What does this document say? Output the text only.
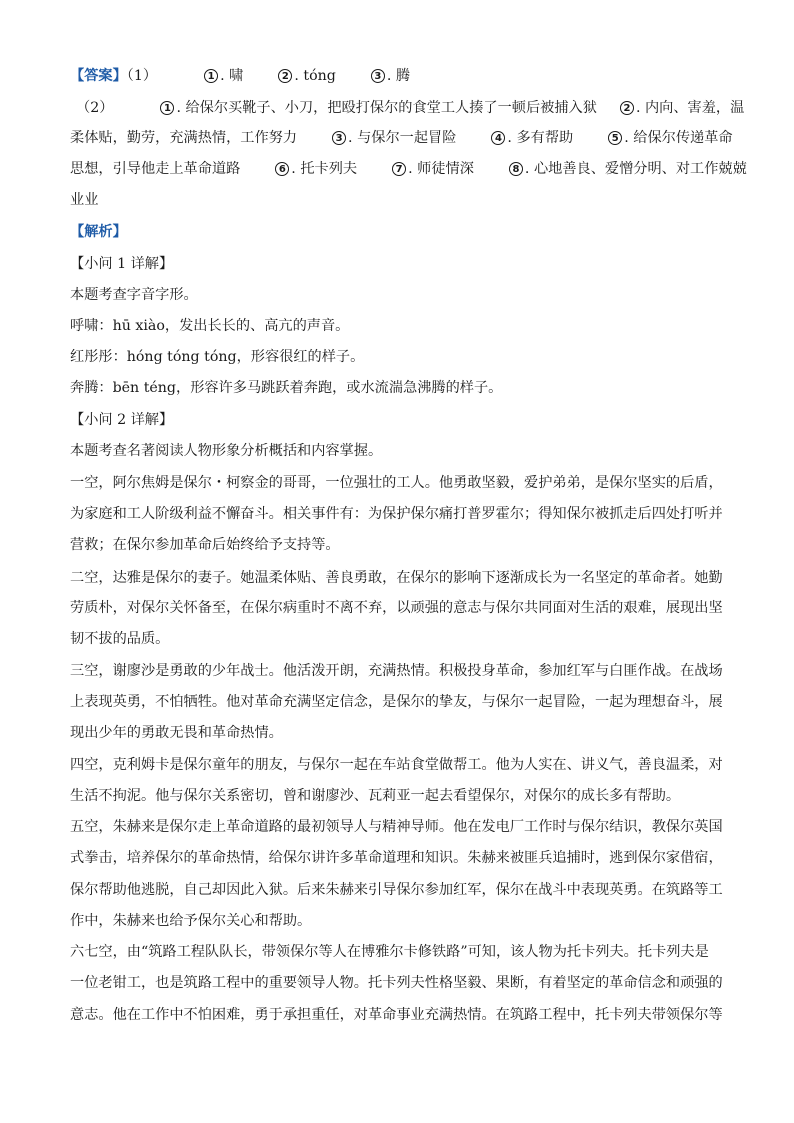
【答案】（1）	1 . 啸	2 . tóng	3 . 腾
（2）	1 . 给保尔买靴子、小刀，把殴打保尔的食堂工人揍了一顿后被捕入狱	2 . 内向、害羞，温
柔体贴，勤劳，充满热情，工作努力	3 . 与保尔一起冒险	4 . 多有帮助	5 . 给保尔传递革命
思想，引导他走上革命道路	6 . 托卡列夫	7 . 师徒情深	8 . 心地善良、爱憎分明、对工作兢兢
业业
【解析】
【小问 1 详解】
本题考查字音字形。
呼啸：hū xiào，发出长长的、高亢的声音。
红彤彤：hóng tóng tóng，形容很红的样子。
奔腾：bēn téng，形容许多马跳跃着奔跑，或水流湍急沸腾的样子。
【小问 2 详解】
本题考查名著阅读人物形象分析概括和内容掌握。
一空，阿尔焦姆是保尔・柯察金的哥哥，一位强壮的工人。他勇敢坚毅，爱护弟弟，是保尔坚实的后盾，
为家庭和工人阶级利益不懈奋斗。相关事件有：为保护保尔痛打普罗霍尔；得知保尔被抓走后四处打听并
营救；在保尔参加革命后始终给予支持等。
二空，达雅是保尔的妻子。她温柔体贴、善良勇敢，在保尔的影响下逐渐成长为一名坚定的革命者。她勤
劳质朴，对保尔关怀备至，在保尔病重时不离不弃，以顽强的意志与保尔共同面对生活的艰难，展现出坚
韧不拔的品质。
三空，谢廖沙是勇敢的少年战士。他活泼开朗，充满热情。积极投身革命，参加红军与白匪作战。在战场
上表现英勇，不怕牺牲。他对革命充满坚定信念，是保尔的挚友，与保尔一起冒险，一起为理想奋斗，展
现出少年的勇敢无畏和革命热情。
四空，克利姆卡是保尔童年的朋友，与保尔一起在车站食堂做帮工。他为人实在、讲义气，善良温柔，对
生活不拘泥。他与保尔关系密切，曾和谢廖沙、瓦莉亚一起去看望保尔，对保尔的成长多有帮助。
五空，朱赫来是保尔走上革命道路的最初领导人与精神导师。他在发电厂工作时与保尔结识，教保尔英国
式拳击，培养保尔的革命热情，给保尔讲许多革命道理和知识。朱赫来被匪兵追捕时，逃到保尔家借宿，
保尔帮助他逃脱，自己却因此入狱。后来朱赫来引导保尔参加红军，保尔在战斗中表现英勇。在筑路等工
作中，朱赫来也给予保尔关心和帮助。
六七空，由“筑路工程队队长，带领保尔等人在博雅尔卡修铁路”可知，该人物为托卡列夫。托卡列夫是
一位老钳工，也是筑路工程中的重要领导人物。托卡列夫性格坚毅、果断，有着坚定的革命信念和顽强的
意志。他在工作中不怕困难，勇于承担重任，对革命事业充满热情。在筑路工程中，托卡列夫带领保尔等
